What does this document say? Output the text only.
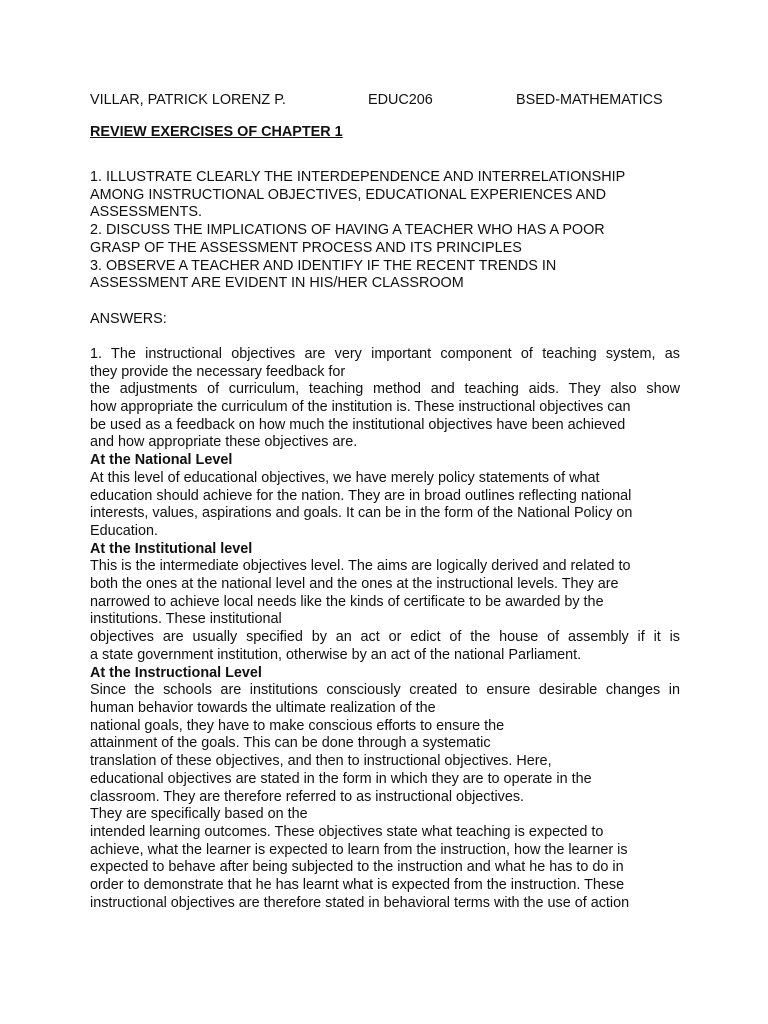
VILLAR, PATRICK LORENZ P.	EDUC206	BSED-MATHEMATICS
REVIEW EXERCISES OF CHAPTER 1
1. ILLUSTRATE CLEARLY THE INTERDEPENDENCE AND INTERRELATIONSHIP
AMONG INSTRUCTIONAL OBJECTIVES, EDUCATIONAL EXPERIENCES AND
ASSESSMENTS.
2. DISCUSS THE IMPLICATIONS OF HAVING A TEACHER WHO HAS A POOR
GRASP OF THE ASSESSMENT PROCESS AND ITS PRINCIPLES
3. OBSERVE A TEACHER AND IDENTIFY IF THE RECENT TRENDS IN
ASSESSMENT ARE EVIDENT IN HIS/HER CLASSROOM
ANSWERS:
1. The instructional objectives are very important component of teaching system, as
they provide the necessary feedback for
the adjustments of curriculum, teaching method and teaching aids. They also show
how appropriate the curriculum of the institution is. These instructional objectives can
be used as a feedback on how much the institutional objectives have been achieved
and how appropriate these objectives are.
At the National Level
At this level of educational objectives, we have merely policy statements of what
education should achieve for the nation. They are in broad outlines reflecting national
interests, values, aspirations and goals. It can be in the form of the National Policy on
Education.
At the Institutional level
This is the intermediate objectives level. The aims are logically derived and related to
both the ones at the national level and the ones at the instructional levels. They are
narrowed to achieve local needs like the kinds of certificate to be awarded by the
institutions. These institutional
objectives are usually specified by an act or edict of the house of assembly if it is
a state government institution, otherwise by an act of the national Parliament.
At the Instructional Level
Since the schools are institutions consciously created to ensure desirable changes in
human behavior towards the ultimate realization of the
national goals, they have to make conscious efforts to ensure the
attainment of the goals. This can be done through a systematic
translation of these objectives, and then to instructional objectives. Here,
educational objectives are stated in the form in which they are to operate in the
classroom. They are therefore referred to as instructional objectives.
They are specifically based on the
intended learning outcomes. These objectives state what teaching is expected to
achieve, what the learner is expected to learn from the instruction, how the learner is
expected to behave after being subjected to the instruction and what he has to do in
order to demonstrate that he has learnt what is expected from the instruction. These
instructional objectives are therefore stated in behavioral terms with the use of action
